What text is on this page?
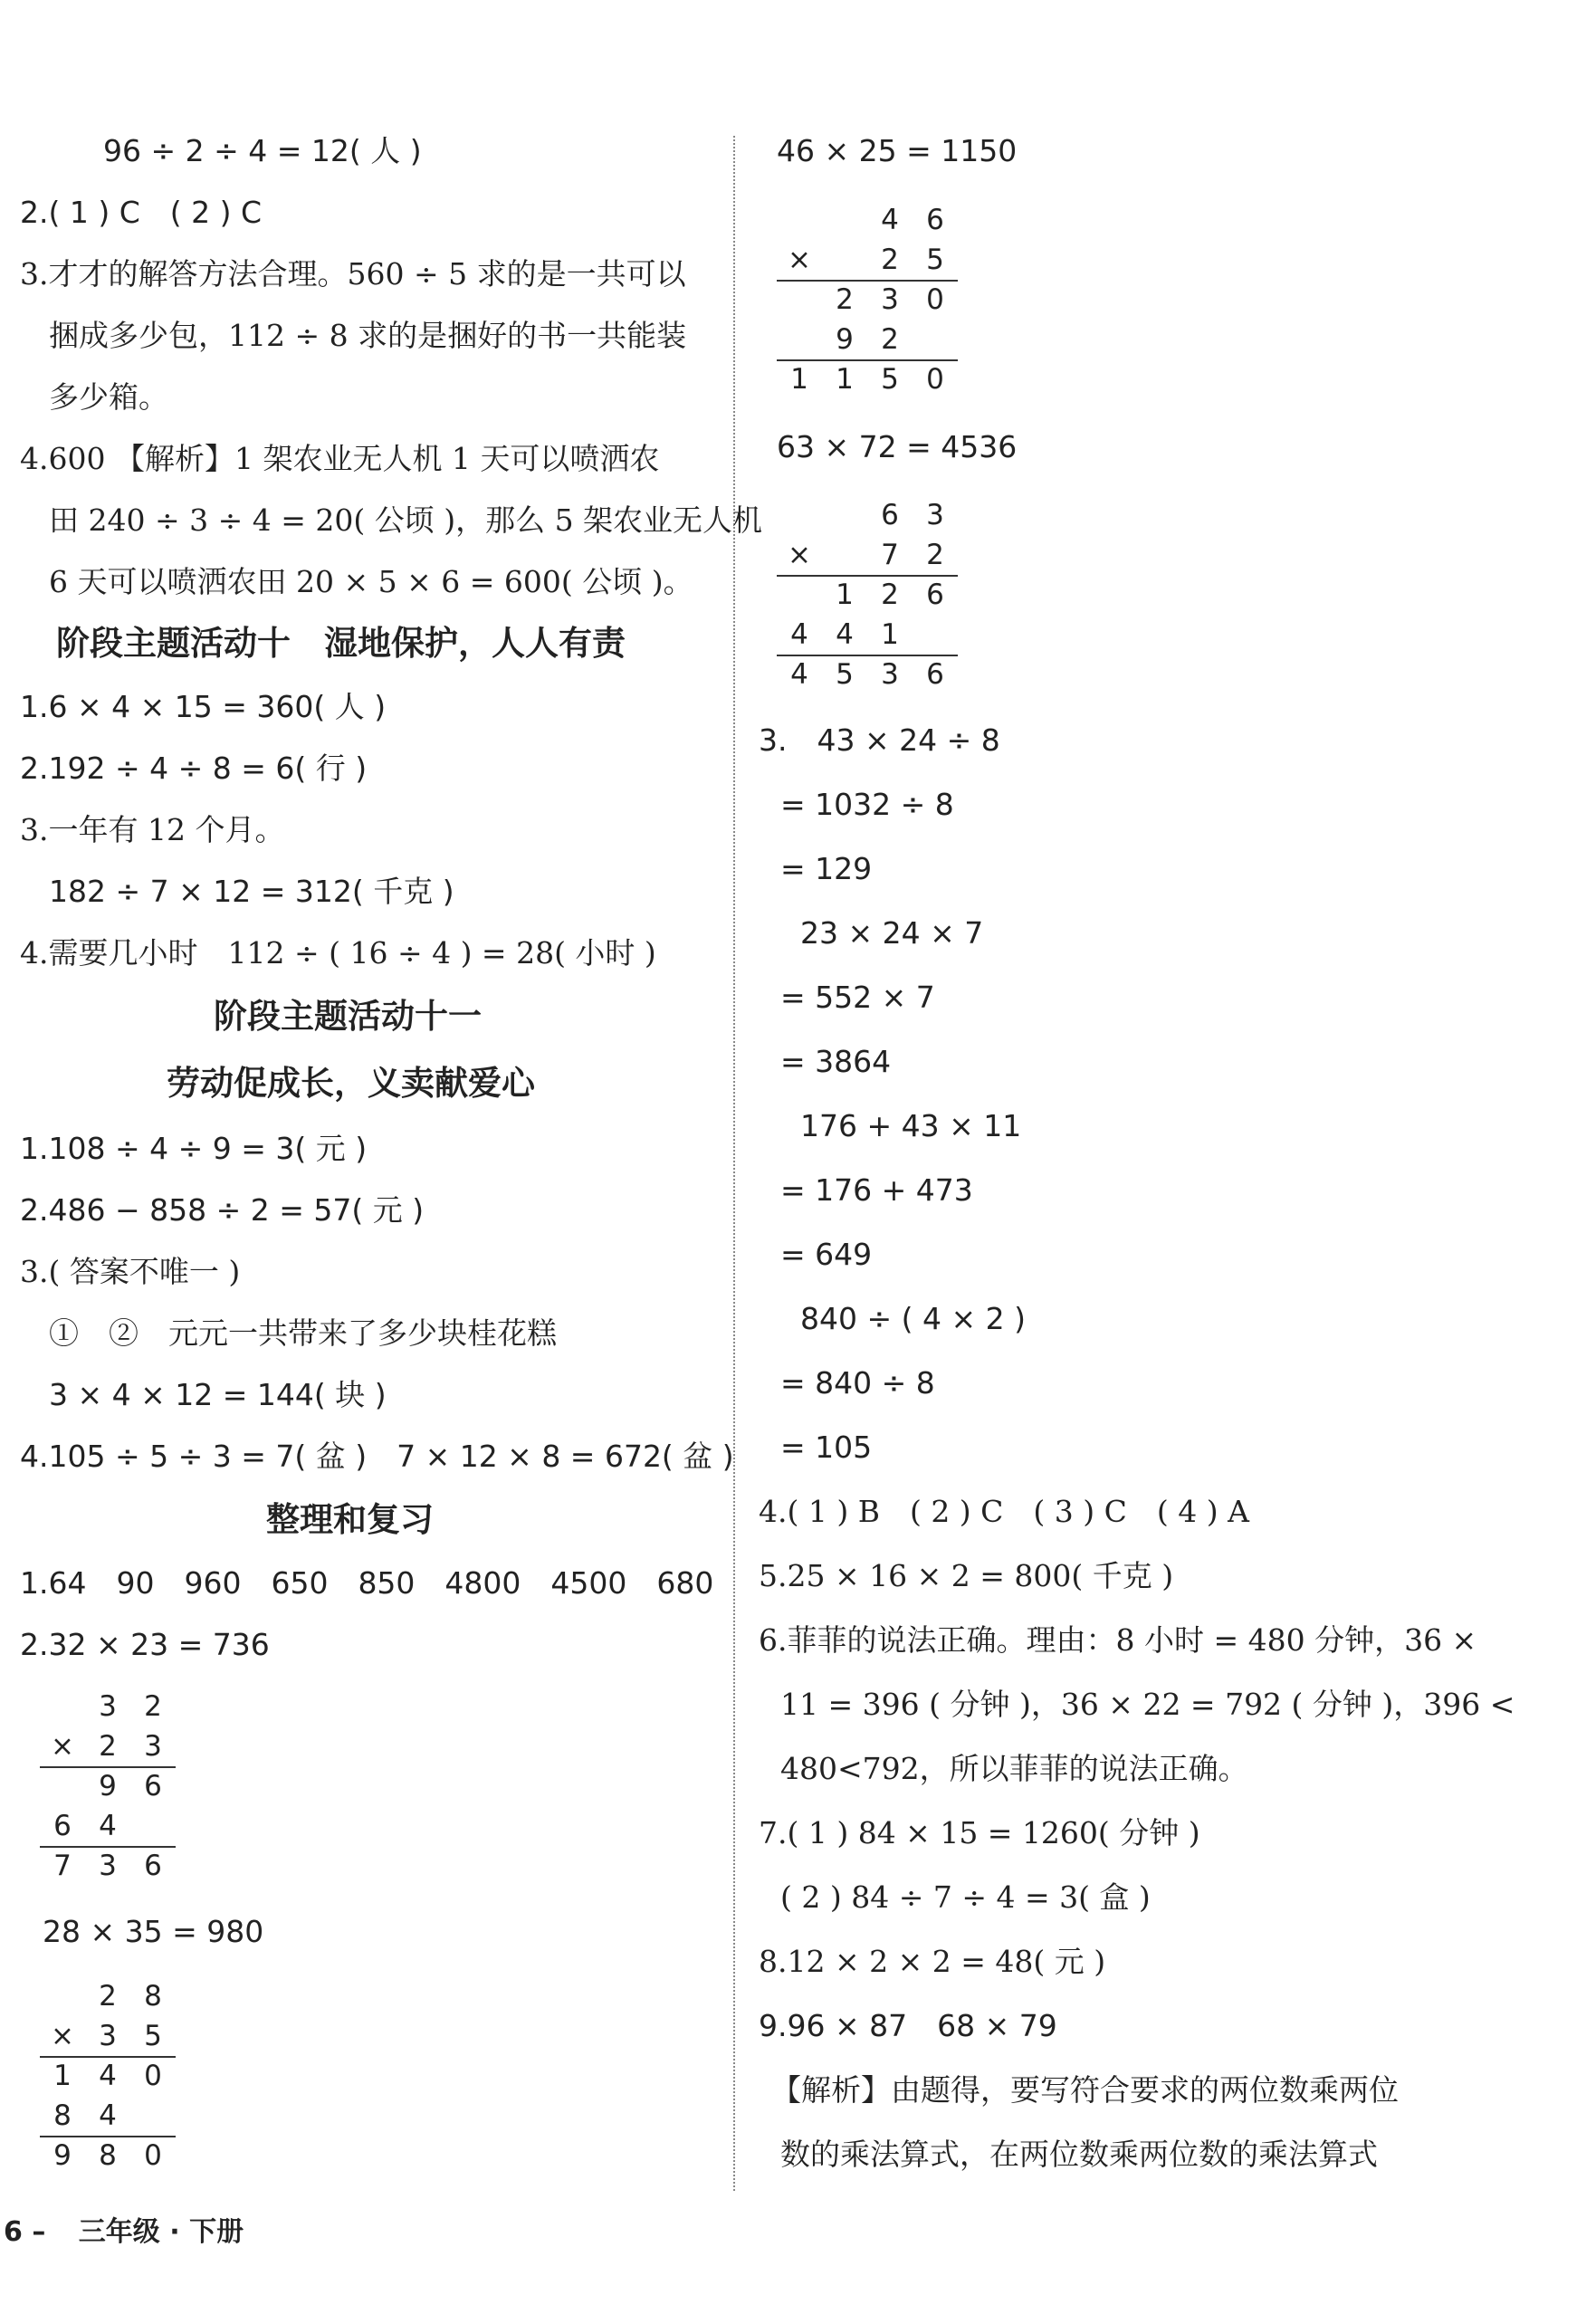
96 ÷ 2 ÷ 4 = 12( 人 )
2.( 1 ) C　( 2 ) C
3.才才的解答方法合理。560 ÷ 5 求的是一共可以
捆成多少包，112 ÷ 8 求的是捆好的书一共能装
多少箱。
4.600 【解析】1 架农业无人机 1 天可以喷洒农
田 240 ÷ 3 ÷ 4 = 20( 公顷 )，那么 5 架农业无人机
6 天可以喷洒农田 20 × 5 × 6 = 600( 公顷 )。
阶段主题活动十　湿地保护，人人有责
1.6 × 4 × 15 = 360( 人 )
2.192 ÷ 4 ÷ 8 = 6( 行 )
3.一年有 12 个月。
182 ÷ 7 × 12 = 312( 千克 )
4.需要几小时　112 ÷ ( 16 ÷ 4 ) = 28( 小时 )
阶段主题活动十一
劳动促成长，义卖献爱心
1.108 ÷ 4 ÷ 9 = 3( 元 )
2.486 − 858 ÷ 2 = 57( 元 )
3.( 答案不唯一 )
①　②　元元一共带来了多少块桂花糕
3 × 4 × 12 = 144( 块 )
4.105 ÷ 5 ÷ 3 = 7( 盆 )　7 × 12 × 8 = 672( 盆 )
整理和复习
1.64　90　960　650　850　4800　4500　680
2.32 × 23 = 736
3 2
× 2 3
9 6
6 4
7 3 6
28 × 35 = 980
2 8
× 3 5
1 4 0
8 4
9 8 0
46 × 25 = 1150
4 6
×	2 5
2 3 0
9 2
1 1 5 0
63 × 72 = 4536
6 3
×	7 2
1 2 6
4 4 1
4 5 3 6
3.　43 × 24 ÷ 8
= 1032 ÷ 8
= 129
23 × 24 × 7
= 552 × 7
= 3864
176 + 43 × 11
= 176 + 473
= 649
840 ÷ ( 4 × 2 )
= 840 ÷ 8
= 105
4.( 1 ) B　( 2 ) C　( 3 ) C　( 4 ) A
5.25 × 16 × 2 = 800( 千克 )
6.菲菲的说法正确。理由：8 小时 = 480 分钟，36 ×
11 = 396 ( 分钟 )，36 × 22 = 792 ( 分钟 )，396 <
480<792，所以菲菲的说法正确。
7.( 1 ) 84 × 15 = 1260( 分钟 )
( 2 ) 84 ÷ 7 ÷ 4 = 3( 盒 )
8.12 × 2 × 2 = 48( 元 )
9.96 × 87　68 × 79
【解析】由题得，要写符合要求的两位数乘两位
数的乘法算式，在两位数乘两位数的乘法算式
6 – 三年级 · 下册
